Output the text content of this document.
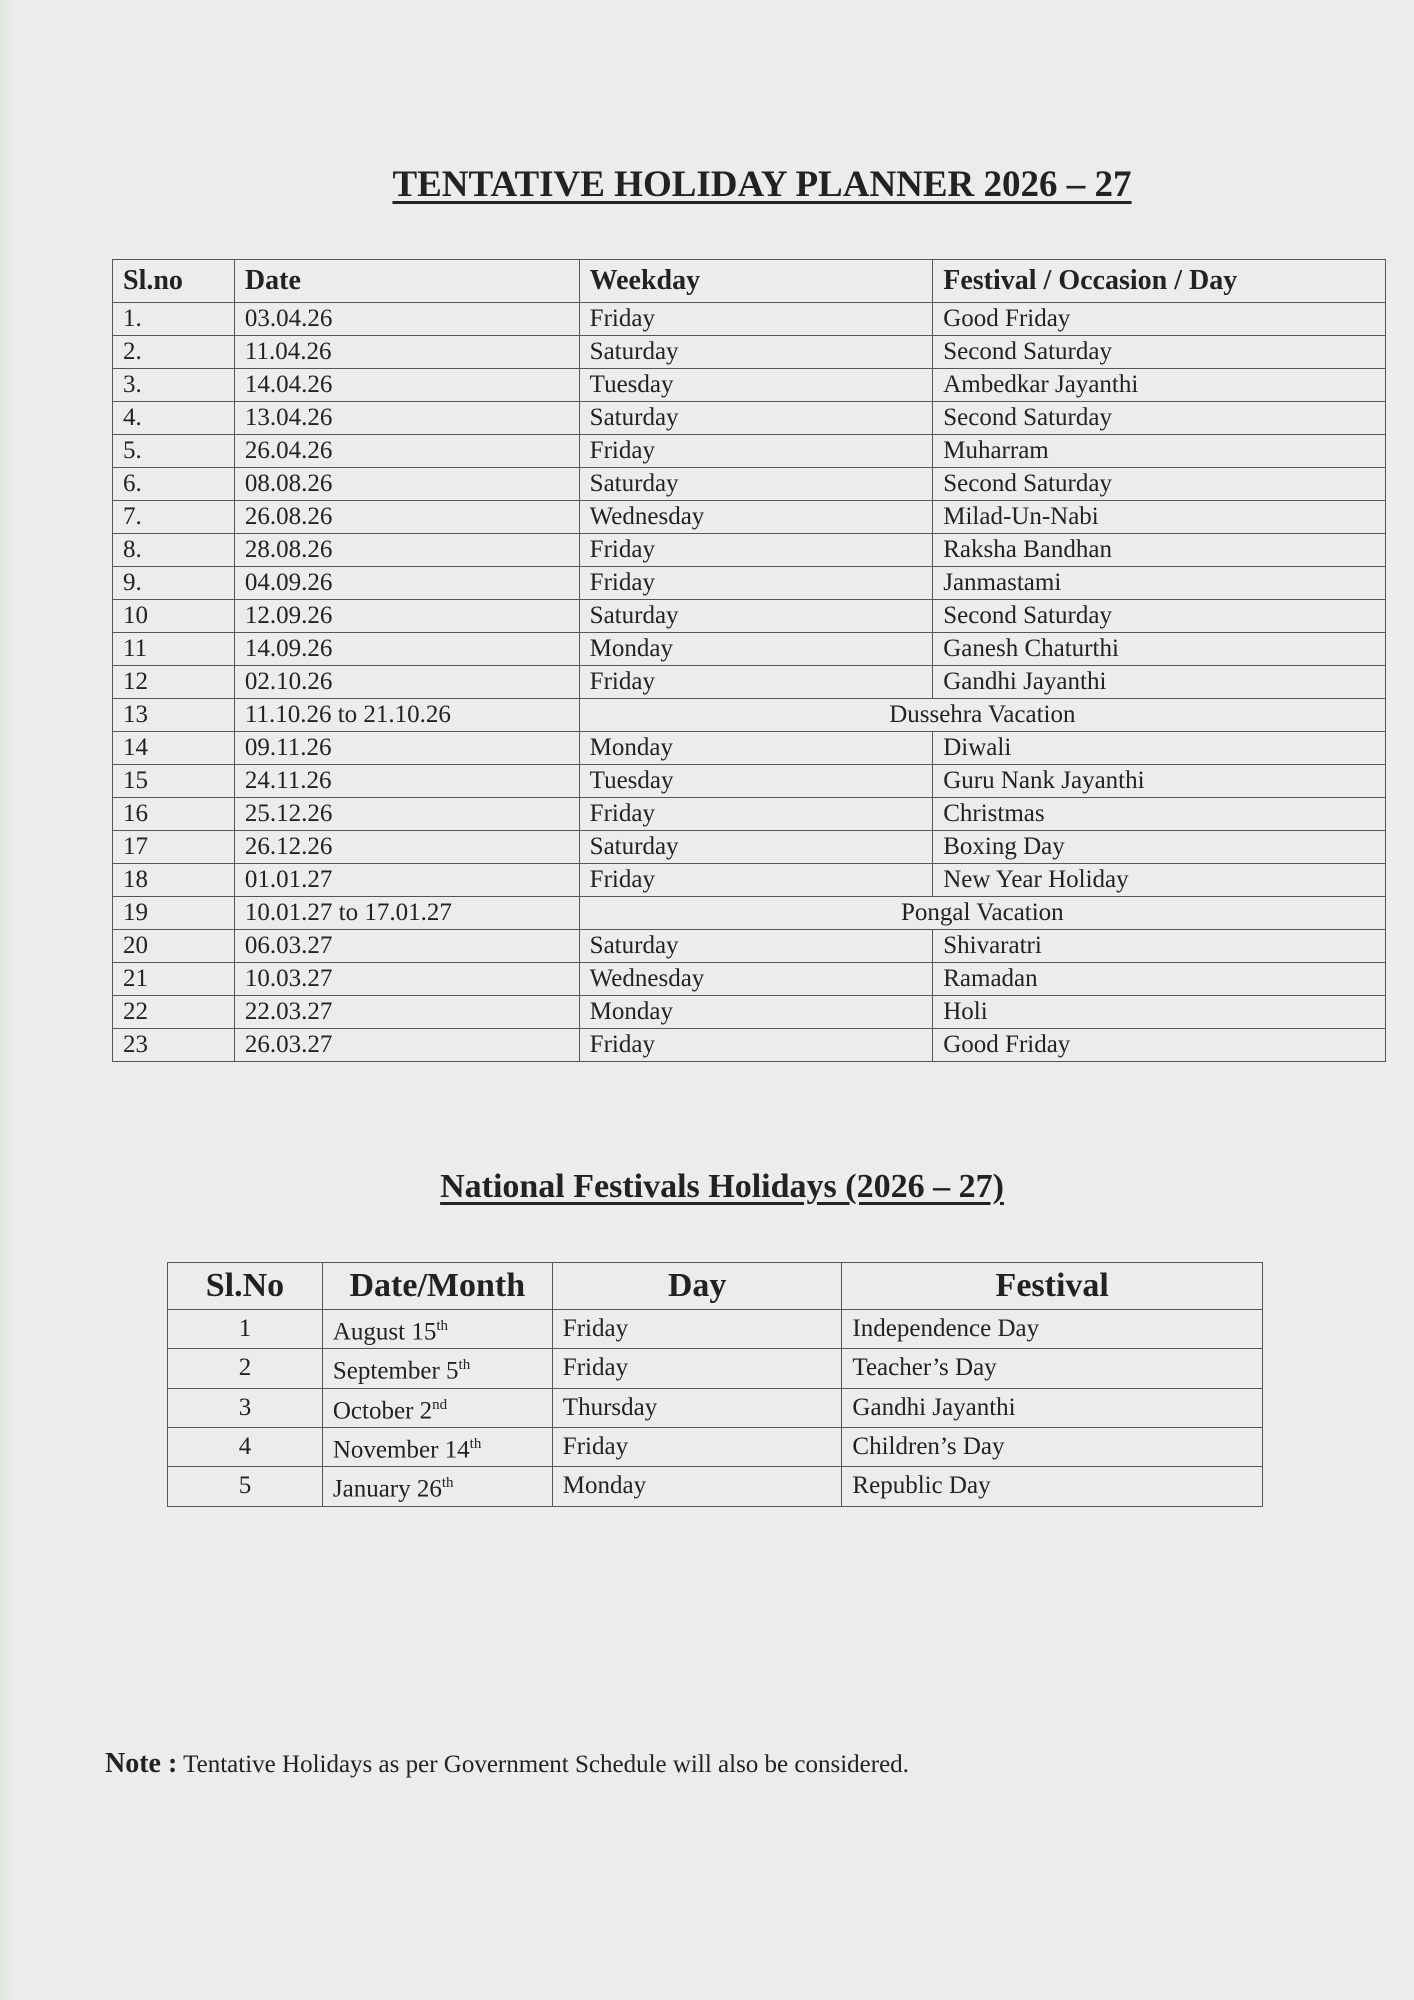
TENTATIVE HOLIDAY PLANNER 2026 – 27
Sl.no	Date	Weekday	Festival / Occasion / Day
1.	03.04.26	Friday	Good Friday
2.	11.04.26	Saturday	Second Saturday
3.	14.04.26	Tuesday	Ambedkar Jayanthi
4.	13.04.26	Saturday	Second Saturday
5.	26.04.26	Friday	Muharram
6.	08.08.26	Saturday	Second Saturday
7.	26.08.26	Wednesday	Milad-Un-Nabi
8.	28.08.26	Friday	Raksha Bandhan
9.	04.09.26	Friday	Janmastami
10	12.09.26	Saturday	Second Saturday
11	14.09.26	Monday	Ganesh Chaturthi
12	02.10.26	Friday	Gandhi Jayanthi
13	11.10.26 to 21.10.26	Dussehra Vacation	
14	09.11.26	Monday	Diwali
15	24.11.26	Tuesday	Guru Nank Jayanthi
16	25.12.26	Friday	Christmas
17	26.12.26	Saturday	Boxing Day
18	01.01.27	Friday	New Year Holiday
19	10.01.27 to 17.01.27	Pongal Vacation	
20	06.03.27	Saturday	Shivaratri
21	10.03.27	Wednesday	Ramadan
22	22.03.27	Monday	Holi
23	26.03.27	Friday	Good Friday
National Festivals Holidays (2026 – 27)
Sl.No	Date/Month	Day	Festival
1	August 15th	Friday	Independence Day
2	September 5th	Friday	Teacher’s Day
3	October 2nd	Thursday	Gandhi Jayanthi
4	November 14th	Friday	Children’s Day
5	January 26th	Monday	Republic Day

Note : Tentative Holidays as per Government Schedule will also be considered.
